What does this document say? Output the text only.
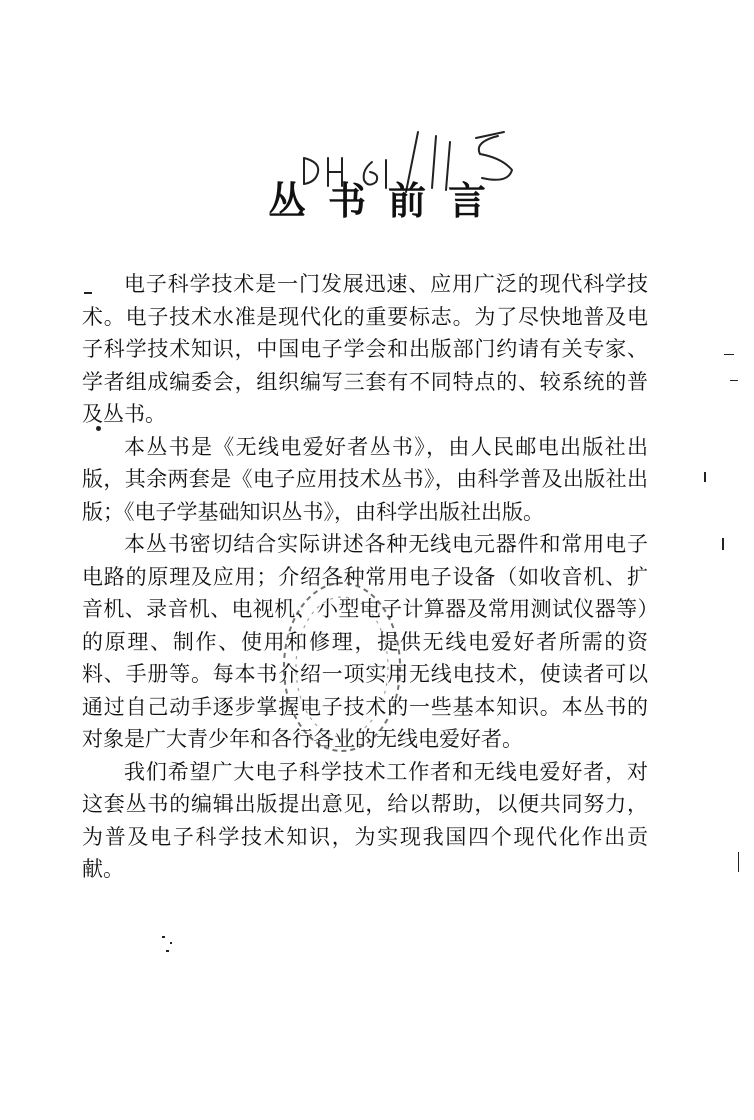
丛书前言

电子科学技术是一门发展迅速、应用广泛的现代科学技术。电子技术水准是现代化的重要标志。为了尽快地普及电子科学技术知识，中国电子学会和出版部门约请有关专家、学者组成编委会，组织编写三套有不同特点的、较系统的普及丛书。

本丛书是《无线电爱好者丛书》，由人民邮电出版社出版，其余两套是《电子应用技术丛书》，由科学普及出版社出版；《电子学基础知识丛书》，由科学出版社出版。

本丛书密切结合实际讲述各种无线电元器件和常用电子电路的原理及应用；介绍各种常用电子设备（如收音机、扩音机、录音机、电视机、小型电子计算器及常用测试仪器等）的原理、制作、使用和修理，提供无线电爱好者所需的资料、手册等。每本书介绍一项实用无线电技术，使读者可以通过自己动手逐步掌握电子技术的一些基本知识。本丛书的对象是广大青少年和各行各业的无线电爱好者。

我们希望广大电子科学技术工作者和无线电爱好者，对这套丛书的编辑出版提出意见，给以帮助，以便共同努力，为普及电子科学技术知识，为实现我国四个现代化作出贡献。
